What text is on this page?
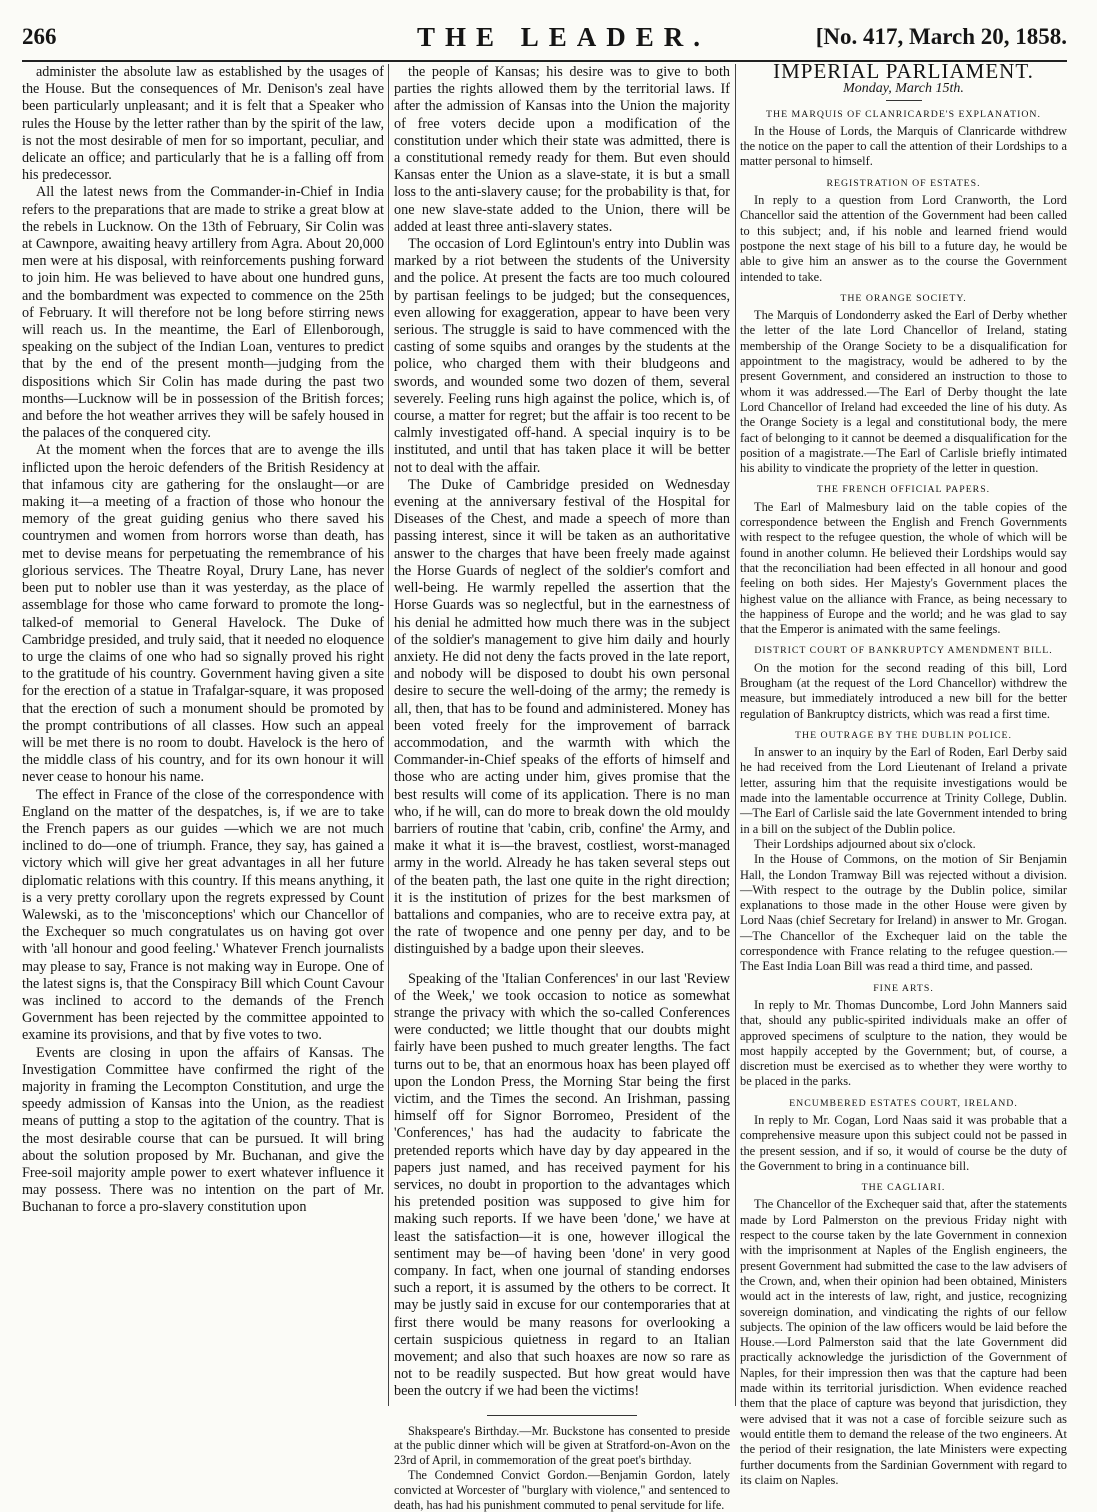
266	THE LEADER.	[No. 417, March 20, 1858.

administer the absolute law as established by the usages of the House. But the consequences of Mr. Denison's zeal have been particularly unpleasant; and it is felt that a Speaker who rules the House by the letter rather than by the spirit of the law, is not the most desirable of men for so important, peculiar, and delicate an office; and particularly that he is a falling off from his predecessor.

All the latest news from the Commander-in-Chief in India refers to the preparations that are made to strike a great blow at the rebels in Lucknow. On the 13th of February, Sir Colin was at Cawnpore, awaiting heavy artillery from Agra. About 20,000 men were at his disposal, with reinforcements pushing forward to join him. He was believed to have about one hundred guns, and the bombardment was expected to commence on the 25th of February. It will therefore not be long before stirring news will reach us. In the meantime, the Earl of Ellenborough, speaking on the subject of the Indian Loan, ventures to predict that by the end of the present month—judging from the dispositions which Sir Colin has made during the past two months—Lucknow will be in possession of the British forces; and before the hot weather arrives they will be safely housed in the palaces of the conquered city.

At the moment when the forces that are to avenge the ills inflicted upon the heroic defenders of the British Residency at that infamous city are gathering for the onslaught—or are making it—a meeting of a fraction of those who honour the memory of the great guiding genius who there saved his countrymen and women from horrors worse than death, has met to devise means for perpetuating the remembrance of his glorious services. The Theatre Royal, Drury Lane, has never been put to nobler use than it was yesterday, as the place of assemblage for those who came forward to promote the long-talked-of memorial to General Havelock. The Duke of Cambridge presided, and truly said, that it needed no eloquence to urge the claims of one who had so signally proved his right to the gratitude of his country. Government having given a site for the erection of a statue in Trafalgar-square, it was proposed that the erection of such a monument should be promoted by the prompt contributions of all classes. How such an appeal will be met there is no room to doubt. Havelock is the hero of the middle class of his country, and for its own honour it will never cease to honour his name.

The effect in France of the close of the correspondence with England on the matter of the despatches, is, if we are to take the French papers as our guides —which we are not much inclined to do—one of triumph. France, they say, has gained a victory which will give her great advantages in all her future diplomatic relations with this country. If this means anything, it is a very pretty corollary upon the regrets expressed by Count Walewski, as to the 'misconceptions' which our Chancellor of the Exchequer so much congratulates us on having got over with 'all honour and good feeling.' Whatever French journalists may please to say, France is not making way in Europe. One of the latest signs is, that the Conspiracy Bill which Count Cavour was inclined to accord to the demands of the French Government has been rejected by the committee appointed to examine its provisions, and that by five votes to two.

Events are closing in upon the affairs of Kansas. The Investigation Committee have confirmed the right of the majority in framing the Lecompton Constitution, and urge the speedy admission of Kansas into the Union, as the readiest means of putting a stop to the agitation of the country. That is the most desirable course that can be pursued. It will bring about the solution proposed by Mr. Buchanan, and give the Free-soil majority ample power to exert whatever influence it may possess. There was no intention on the part of Mr. Buchanan to force a pro-slavery constitution upon

the people of Kansas; his desire was to give to both parties the rights allowed them by the territorial laws. If after the admission of Kansas into the Union the majority of free voters decide upon a modification of the constitution under which their state was admitted, there is a constitutional remedy ready for them. But even should Kansas enter the Union as a slave-state, it is but a small loss to the anti-slavery cause; for the probability is that, for one new slave-state added to the Union, there will be added at least three anti-slavery states.

The occasion of Lord Eglintoun's entry into Dublin was marked by a riot between the students of the University and the police. At present the facts are too much coloured by partisan feelings to be judged; but the consequences, even allowing for exaggeration, appear to have been very serious. The struggle is said to have commenced with the casting of some squibs and oranges by the students at the police, who charged them with their bludgeons and swords, and wounded some two dozen of them, several severely. Feeling runs high against the police, which is, of course, a matter for regret; but the affair is too recent to be calmly investigated off-hand. A special inquiry is to be instituted, and until that has taken place it will be better not to deal with the affair.

The Duke of Cambridge presided on Wednesday evening at the anniversary festival of the Hospital for Diseases of the Chest, and made a speech of more than passing interest, since it will be taken as an authoritative answer to the charges that have been freely made against the Horse Guards of neglect of the soldier's comfort and well-being. He warmly repelled the assertion that the Horse Guards was so neglectful, but in the earnestness of his denial he admitted how much there was in the subject of the soldier's management to give him daily and hourly anxiety. He did not deny the facts proved in the late report, and nobody will be disposed to doubt his own personal desire to secure the well-doing of the army; the remedy is all, then, that has to be found and administered. Money has been voted freely for the improvement of barrack accommodation, and the warmth with which the Commander-in-Chief speaks of the efforts of himself and those who are acting under him, gives promise that the best results will come of its application. There is no man who, if he will, can do more to break down the old mouldy barriers of routine that 'cabin, crib, confine' the Army, and make it what it is—the bravest, costliest, worst-managed army in the world. Already he has taken several steps out of the beaten path, the last one quite in the right direction; it is the institution of prizes for the best marksmen of battalions and companies, who are to receive extra pay, at the rate of twopence and one penny per day, and to be distinguished by a badge upon their sleeves.

Speaking of the 'Italian Conferences' in our last 'Review of the Week,' we took occasion to notice as somewhat strange the privacy with which the so-called Conferences were conducted; we little thought that our doubts might fairly have been pushed to much greater lengths. The fact turns out to be, that an enormous hoax has been played off upon the London Press, the Morning Star being the first victim, and the Times the second. An Irishman, passing himself off for Signor Borromeo, President of the 'Conferences,' has had the audacity to fabricate the pretended reports which have day by day appeared in the papers just named, and has received payment for his services, no doubt in proportion to the advantages which his pretended position was supposed to give him for making such reports. If we have been 'done,' we have at least the satisfaction—it is one, however illogical the sentiment may be—of having been 'done' in very good company. In fact, when one journal of standing endorses such a report, it is assumed by the others to be correct. It may be justly said in excuse for our contemporaries that at first there would be many reasons for overlooking a certain suspicious quietness in regard to an Italian movement; and also that such hoaxes are now so rare as not to be readily suspected. But how great would have been the outcry if we had been the victims!

Shakspeare's Birthday.—Mr. Buckstone has consented to preside at the public dinner which will be given at Stratford-on-Avon on the 23rd of April, in commemoration of the great poet's birthday.

The Condemned Convict Gordon.—Benjamin Gordon, lately convicted at Worcester of "burglary with violence," and sentenced to death, has had his punishment commuted to penal servitude for life.

IMPERIAL PARLIAMENT.
Monday, March 15th.
THE MARQUIS OF CLANRICARDE'S EXPLANATION.

In the House of Lords, the Marquis of Clanricarde withdrew the notice on the paper to call the attention of their Lordships to a matter personal to himself.

REGISTRATION OF ESTATES.

In reply to a question from Lord Cranworth, the Lord Chancellor said the attention of the Government had been called to this subject; and, if his noble and learned friend would postpone the next stage of his bill to a future day, he would be able to give him an answer as to the course the Government intended to take.

THE ORANGE SOCIETY.

The Marquis of Londonderry asked the Earl of Derby whether the letter of the late Lord Chancellor of Ireland, stating membership of the Orange Society to be a disqualification for appointment to the magistracy, would be adhered to by the present Government, and considered an instruction to those to whom it was addressed.—The Earl of Derby thought the late Lord Chancellor of Ireland had exceeded the line of his duty. As the Orange Society is a legal and constitutional body, the mere fact of belonging to it cannot be deemed a disqualification for the position of a magistrate.—The Earl of Carlisle briefly intimated his ability to vindicate the propriety of the letter in question.

THE FRENCH OFFICIAL PAPERS.

The Earl of Malmesbury laid on the table copies of the correspondence between the English and French Governments with respect to the refugee question, the whole of which will be found in another column. He believed their Lordships would say that the reconciliation had been effected in all honour and good feeling on both sides. Her Majesty's Government places the highest value on the alliance with France, as being necessary to the happiness of Europe and the world; and he was glad to say that the Emperor is animated with the same feelings.

DISTRICT COURT OF BANKRUPTCY AMENDMENT BILL.

On the motion for the second reading of this bill, Lord Brougham (at the request of the Lord Chancellor) withdrew the measure, but immediately introduced a new bill for the better regulation of Bankruptcy districts, which was read a first time.

THE OUTRAGE BY THE DUBLIN POLICE.

In answer to an inquiry by the Earl of Roden, Earl Derby said he had received from the Lord Lieutenant of Ireland a private letter, assuring him that the requisite investigations would be made into the lamentable occurrence at Trinity College, Dublin.—The Earl of Carlisle said the late Government intended to bring in a bill on the subject of the Dublin police.

Their Lordships adjourned about six o'clock.

In the House of Commons, on the motion of Sir Benjamin Hall, the London Tramway Bill was rejected without a division.—With respect to the outrage by the Dublin police, similar explanations to those made in the other House were given by Lord Naas (chief Secretary for Ireland) in answer to Mr. Grogan.—The Chancellor of the Exchequer laid on the table the correspondence with France relating to the refugee question.—The East India Loan Bill was read a third time, and passed.

FINE ARTS.

In reply to Mr. Thomas Duncombe, Lord John Manners said that, should any public-spirited individuals make an offer of approved specimens of sculpture to the nation, they would be most happily accepted by the Government; but, of course, a discretion must be exercised as to whether they were worthy to be placed in the parks.

ENCUMBERED ESTATES COURT, IRELAND.

In reply to Mr. Cogan, Lord Naas said it was probable that a comprehensive measure upon this subject could not be passed in the present session, and if so, it would of course be the duty of the Government to bring in a continuance bill.

THE CAGLIARI.

The Chancellor of the Exchequer said that, after the statements made by Lord Palmerston on the previous Friday night with respect to the course taken by the late Government in connexion with the imprisonment at Naples of the English engineers, the present Government had submitted the case to the law advisers of the Crown, and, when their opinion had been obtained, Ministers would act in the interests of law, right, and justice, recognizing sovereign domination, and vindicating the rights of our fellow subjects. The opinion of the law officers would be laid before the House.—Lord Palmerston said that the late Government did practically acknowledge the jurisdiction of the Government of Naples, for their impression then was that the capture had been made within its territorial jurisdiction. When evidence reached them that the place of capture was beyond that jurisdiction, they were advised that it was not a case of forcible seizure such as would entitle them to demand the release of the two engineers. At the period of their resignation, the late Ministers were expecting further documents from the Sardinian Government with regard to its claim on Naples.
